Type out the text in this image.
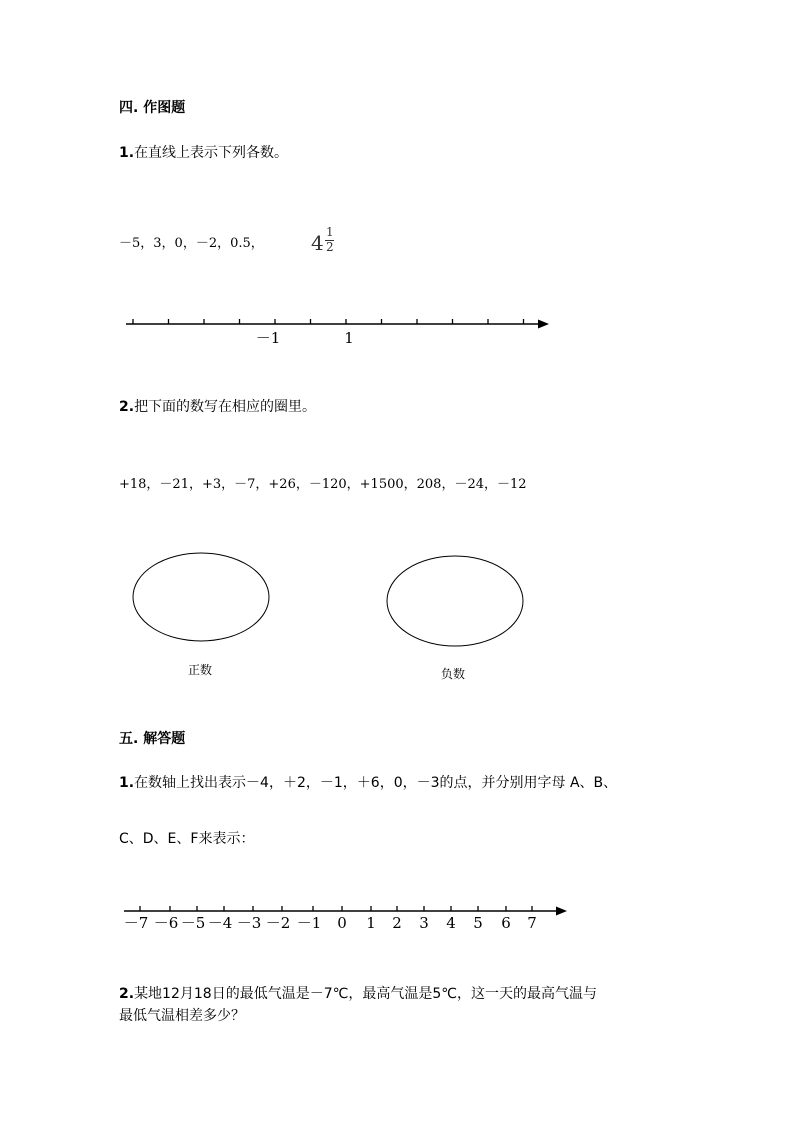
四. 作图题
1.在直线上表示下列各数。
－5，3，0，－2，0.5， 4 1
2
－1	1
2.把下面的数写在相应的圈里。
+18，－21，+3，－7，+26，－120，+1500，208，－24，－12
正数	负数
五. 解答题
1.在数轴上找出表示－4，＋2，－1，＋6，0，－3的点，并分别用字母 A、B、
C、D、E、F来表示：
－7 －6 －5 －4 －3 －2 －1 0 1 2 3 4 5 6 7
2.某地12月18日的最低气温是－7℃，最高气温是5℃，这一天的最高气温与
最低气温相差多少？
